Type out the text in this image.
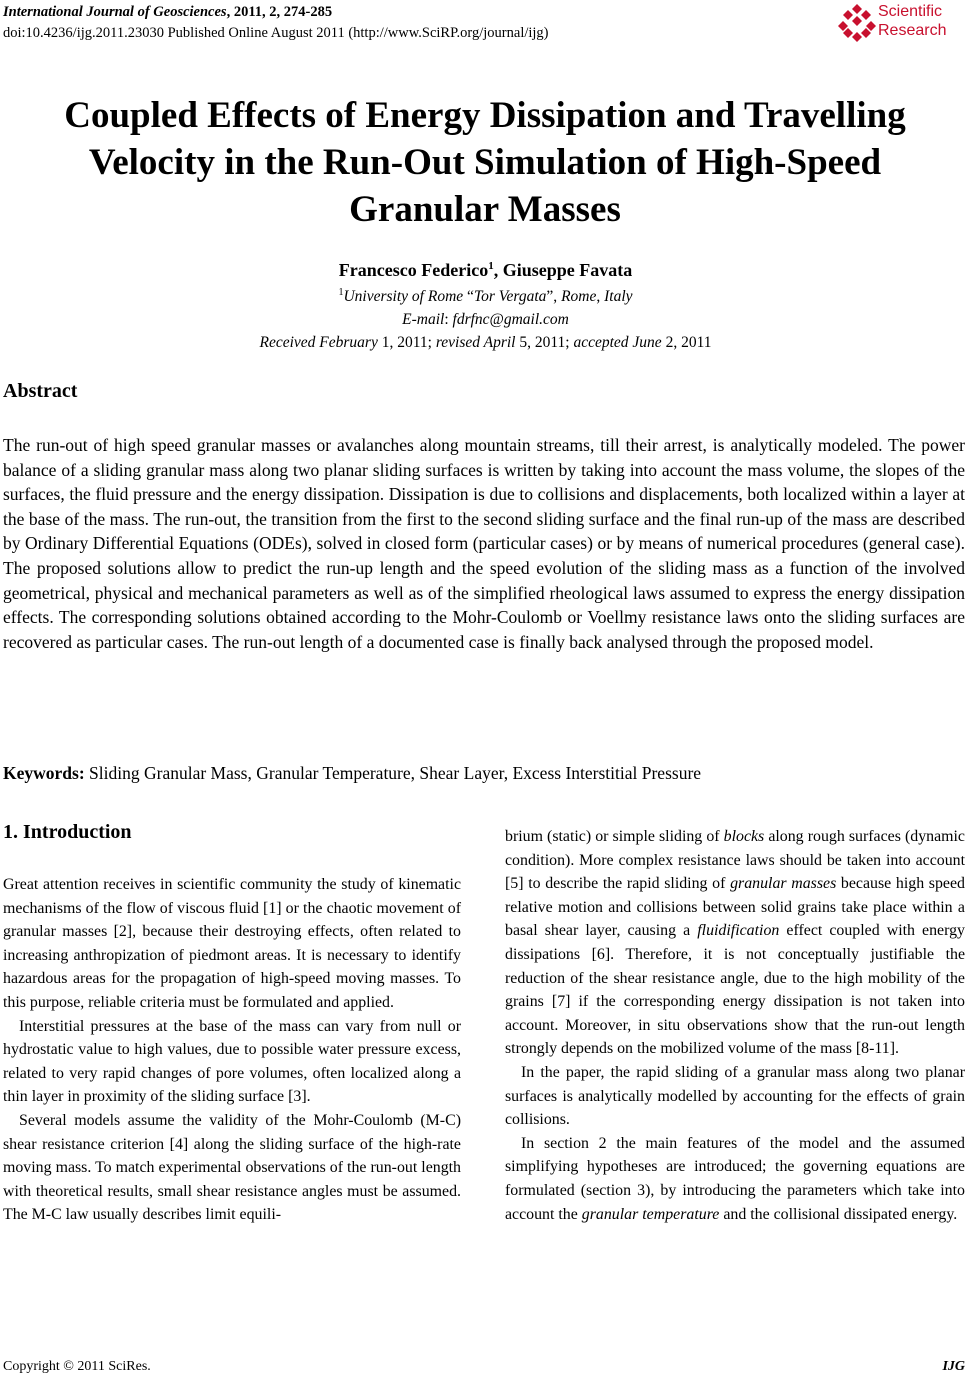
International Journal of Geosciences, 2011, 2, 274-285
doi:10.4236/ijg.2011.23030 Published Online August 2011 (http://www.SciRP.org/journal/ijg)
Scientific
Research
Coupled Effects of Energy Dissipation and Travelling Velocity in the Run-Out Simulation of High-Speed Granular Masses
Francesco Federico$^1$, Giuseppe Favata
$^1$University of Rome “Tor Vergata”, Rome, Italy
E-mail: fdrfnc@gmail.com
Received February 1, 2011; revised April 5, 2011; accepted June 2, 2011
Abstract
The run-out of high speed granular masses or avalanches along mountain streams, till their arrest, is analytically modeled. The power balance of a sliding granular mass along two planar sliding surfaces is written by taking into account the mass volume, the slopes of the surfaces, the fluid pressure and the energy dissipation. Dissipation is due to collisions and displacements, both localized within a layer at the base of the mass. The run-out, the transition from the first to the second sliding surface and the final run-up of the mass are described by Ordinary Differential Equations (ODEs), solved in closed form (particular cases) or by means of numerical procedures (general case). The proposed solutions allow to predict the run-up length and the speed evolution of the sliding mass as a function of the involved geometrical, physical and mechanical parameters as well as of the simplified rheological laws assumed to express the energy dissipation effects. The corresponding solutions obtained according to the Mohr-Coulomb or Voellmy resistance laws onto the sliding surfaces are recovered as particular cases. The run-out length of a documented case is finally back analysed through the proposed model.
Keywords: Sliding Granular Mass, Granular Temperature, Shear Layer, Excess Interstitial Pressure
1. Introduction

Great attention receives in scientific community the study of kinematic mechanisms of the flow of viscous fluid [1] or the chaotic movement of granular masses [2], because their destroying effects, often related to increasing anthropization of piedmont areas. It is necessary to identify hazardous areas for the propagation of high-speed moving masses. To this purpose, reliable criteria must be formulated and applied.

Interstitial pressures at the base of the mass can vary from null or hydrostatic value to high values, due to possible water pressure excess, related to very rapid changes of pore volumes, often localized along a thin layer in proximity of the sliding surface [3].

Several models assume the validity of the Mohr-Coulomb (M-C) shear resistance criterion [4] along the sliding surface of the high-rate moving mass. To match experimental observations of the run-out length with theoretical results, small shear resistance angles must be assumed. The M-C law usually describes limit equili-

brium (static) or simple sliding of blocks along rough surfaces (dynamic condition). More complex resistance laws should be taken into account [5] to describe the rapid sliding of granular masses because high speed relative motion and collisions between solid grains take place within a basal shear layer, causing a fluidification effect coupled with energy dissipations [6]. Therefore, it is not conceptually justifiable the reduction of the shear resistance angle, due to the high mobility of the grains [7] if the corresponding energy dissipation is not taken into account. Moreover, in situ observations show that the run-out length strongly depends on the mobilized volume of the mass [8-11].

In the paper, the rapid sliding of a granular mass along two planar surfaces is analytically modelled by accounting for the effects of grain collisions.

In section 2 the main features of the model and the assumed simplifying hypotheses are introduced; the governing equations are formulated (section 3), by introducing the parameters which take into account the granular temperature and the collisional dissipated energy.

Copyright © 2011 SciRes.	IJG
